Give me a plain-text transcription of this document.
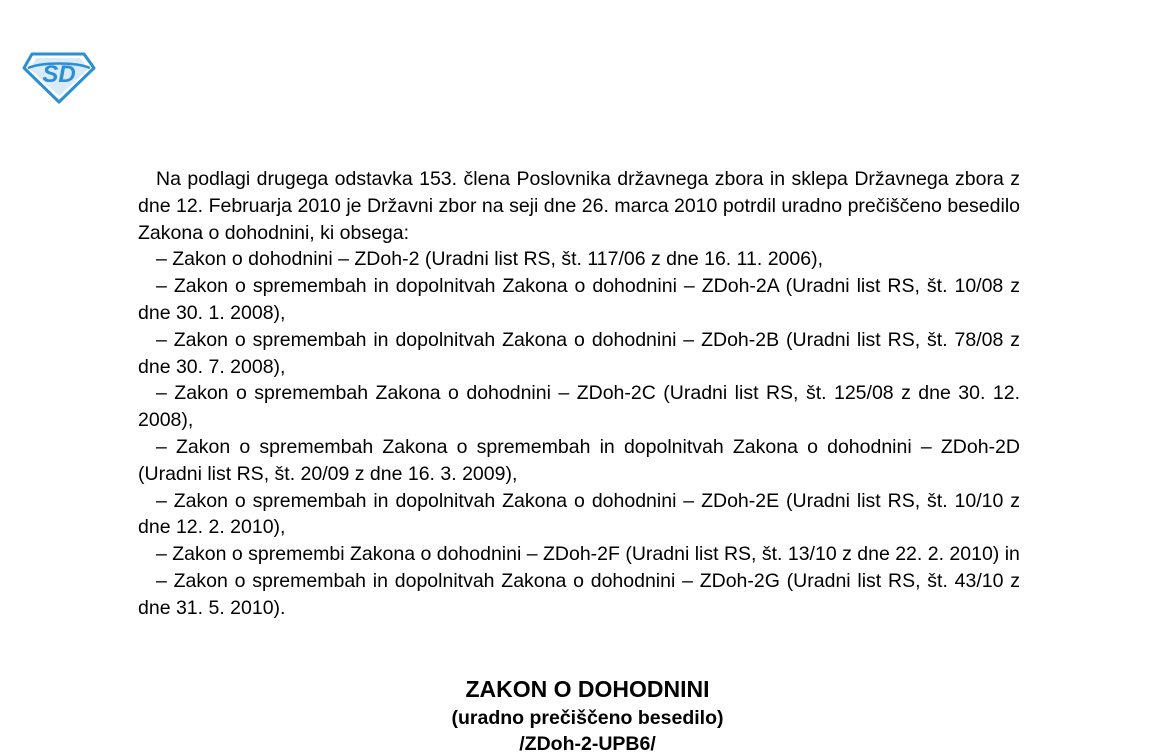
SD

Na podlagi drugega odstavka 153. člena Poslovnika državnega zbora in sklepa Državnega zbora z dne 12. Februarja 2010 je Državni zbor na seji dne 26. marca 2010 potrdil uradno prečiščeno besedilo Zakona o dohodnini, ki obsega:

– Zakon o dohodnini – ZDoh-2 (Uradni list RS, št. 117/06 z dne 16. 11. 2006),

– Zakon o spremembah in dopolnitvah Zakona o dohodnini – ZDoh-2A (Uradni list RS, št. 10/08 z dne 30. 1. 2008),

– Zakon o spremembah in dopolnitvah Zakona o dohodnini – ZDoh-2B (Uradni list RS, št. 78/08 z dne 30. 7. 2008),

– Zakon o spremembah Zakona o dohodnini – ZDoh-2C (Uradni list RS, št. 125/08 z dne 30. 12. 2008),

– Zakon o spremembah Zakona o spremembah in dopolnitvah Zakona o dohodnini – ZDoh-2D (Uradni list RS, št. 20/09 z dne 16. 3. 2009),

– Zakon o spremembah in dopolnitvah Zakona o dohodnini – ZDoh-2E (Uradni list RS, št. 10/10 z dne 12. 2. 2010),

– Zakon o spremembi Zakona o dohodnini – ZDoh-2F (Uradni list RS, št. 13/10 z dne 22. 2. 2010) in

– Zakon o spremembah in dopolnitvah Zakona o dohodnini – ZDoh-2G (Uradni list RS, št. 43/10 z dne 31. 5. 2010).

ZAKON O DOHODNINI
(uradno prečiščeno besedilo)
/ZDoh-2-UPB6/
